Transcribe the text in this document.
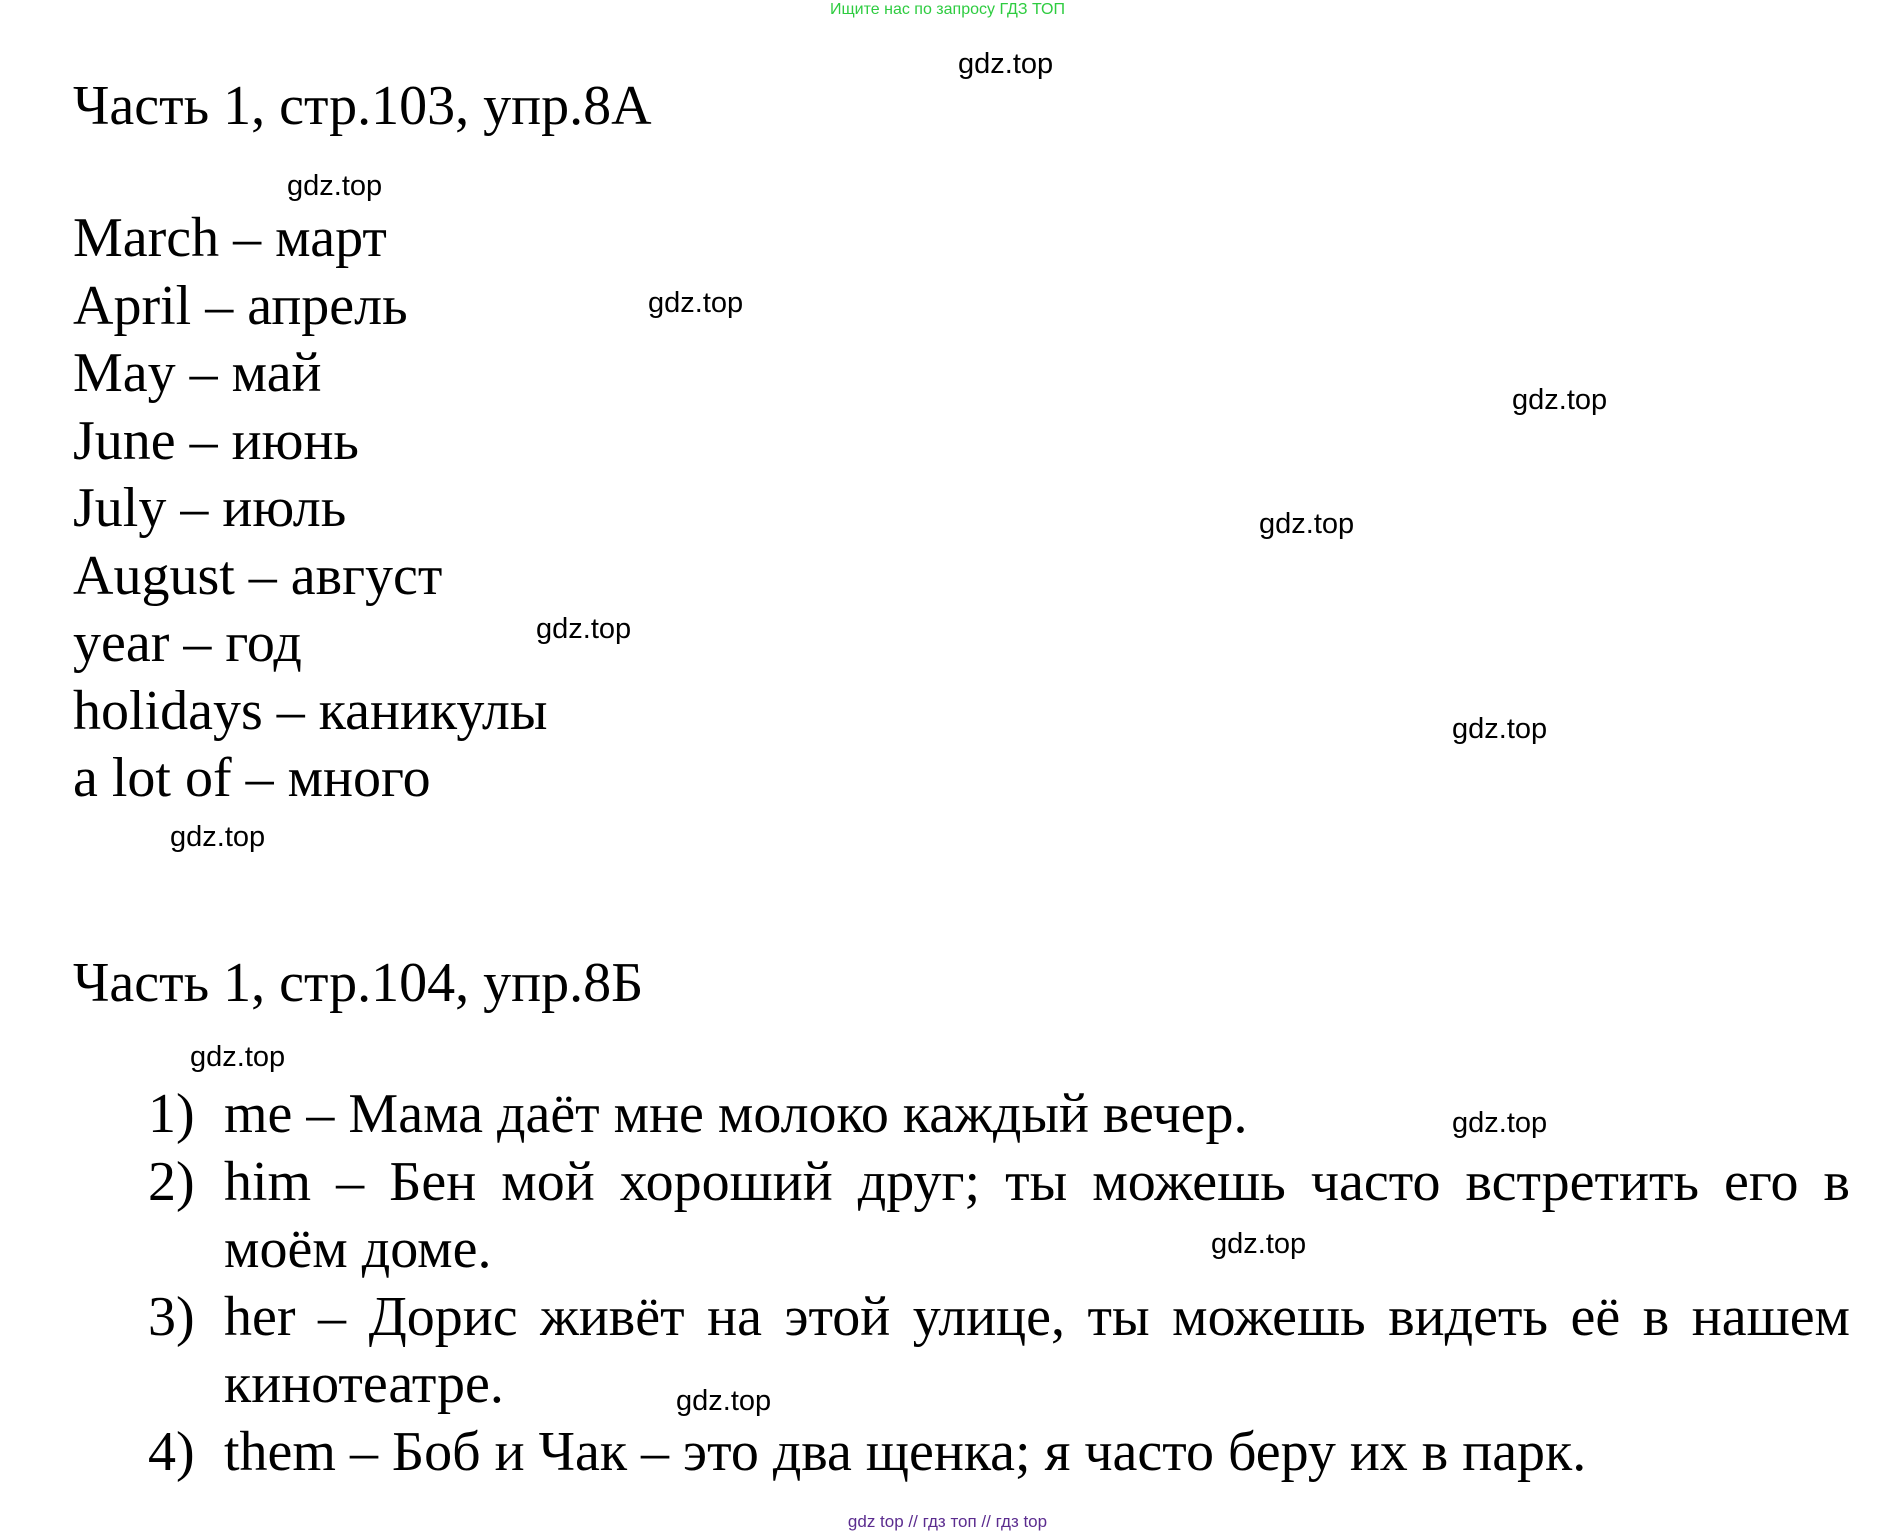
Ищите нас по запросу ГДЗ ТОП
Часть 1, стр.103, упр.8А
March – март
April – апрель
May – май
June – июнь
July – июль
August – август
year – год
holidays – каникулы
a lot of – много
Часть 1, стр.104, упр.8Б
1) me – Мама даёт мне молоко каждый вечер.
2) him – Бен мой хороший друг; ты можешь часто встретить его в моём доме.
3) her – Дорис живёт на этой улице, ты можешь видеть её в нашем кинотеатре.
4) them – Боб и Чак – это два щенка; я часто беру их в парк.
gdz.top
gdz.top
gdz.top
gdz.top
gdz.top
gdz.top
gdz.top
gdz.top
gdz.top
gdz.top
gdz.top
gdz.top
gdz top // гдз топ // гдз top
